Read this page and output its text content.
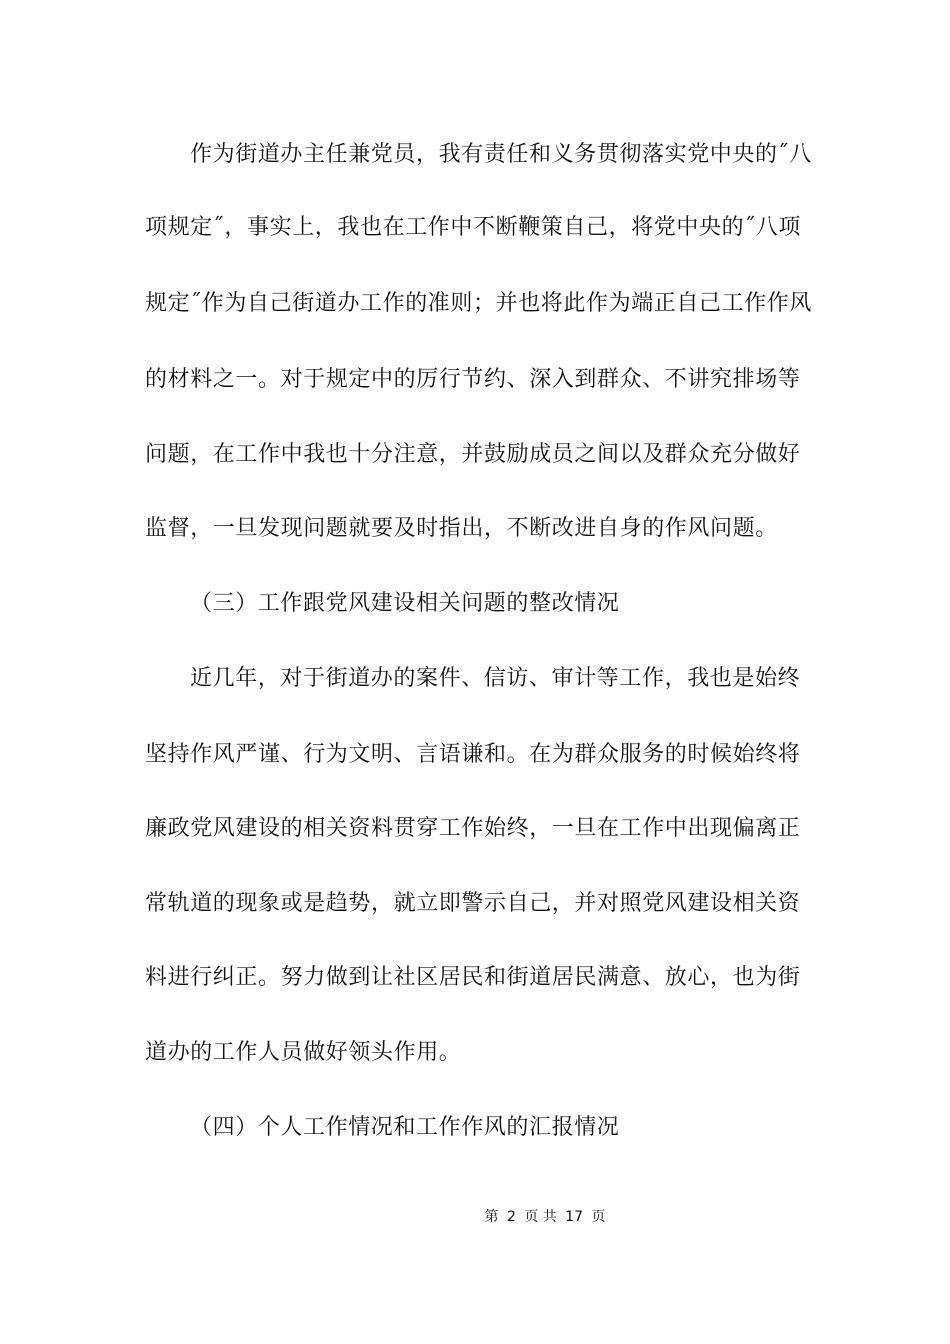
作为街道办主任兼党员，我有责任和义务贯彻落实党中央的˝八
项规定˝，事实上，我也在工作中不断鞭策自己，将党中央的˝八项
规定˝作为自己街道办工作的准则；并也将此作为端正自己工作作风
的材料之一。对于规定中的厉行节约、深入到群众、不讲究排场等
问题，在工作中我也十分注意，并鼓励成员之间以及群众充分做好
监督，一旦发现问题就要及时指出，不断改进自身的作风问题。
（三）工作跟党风建设相关问题的整改情况
近几年，对于街道办的案件、信访、审计等工作，我也是始终
坚持作风严谨、行为文明、言语谦和。在为群众服务的时候始终将
廉政党风建设的相关资料贯穿工作始终，一旦在工作中出现偏离正
常轨道的现象或是趋势，就立即警示自己，并对照党风建设相关资
料进行纠正。努力做到让社区居民和街道居民满意、放心，也为街
道办的工作人员做好领头作用。
（四）个人工作情况和工作作风的汇报情况
第 2 页 共 17 页
